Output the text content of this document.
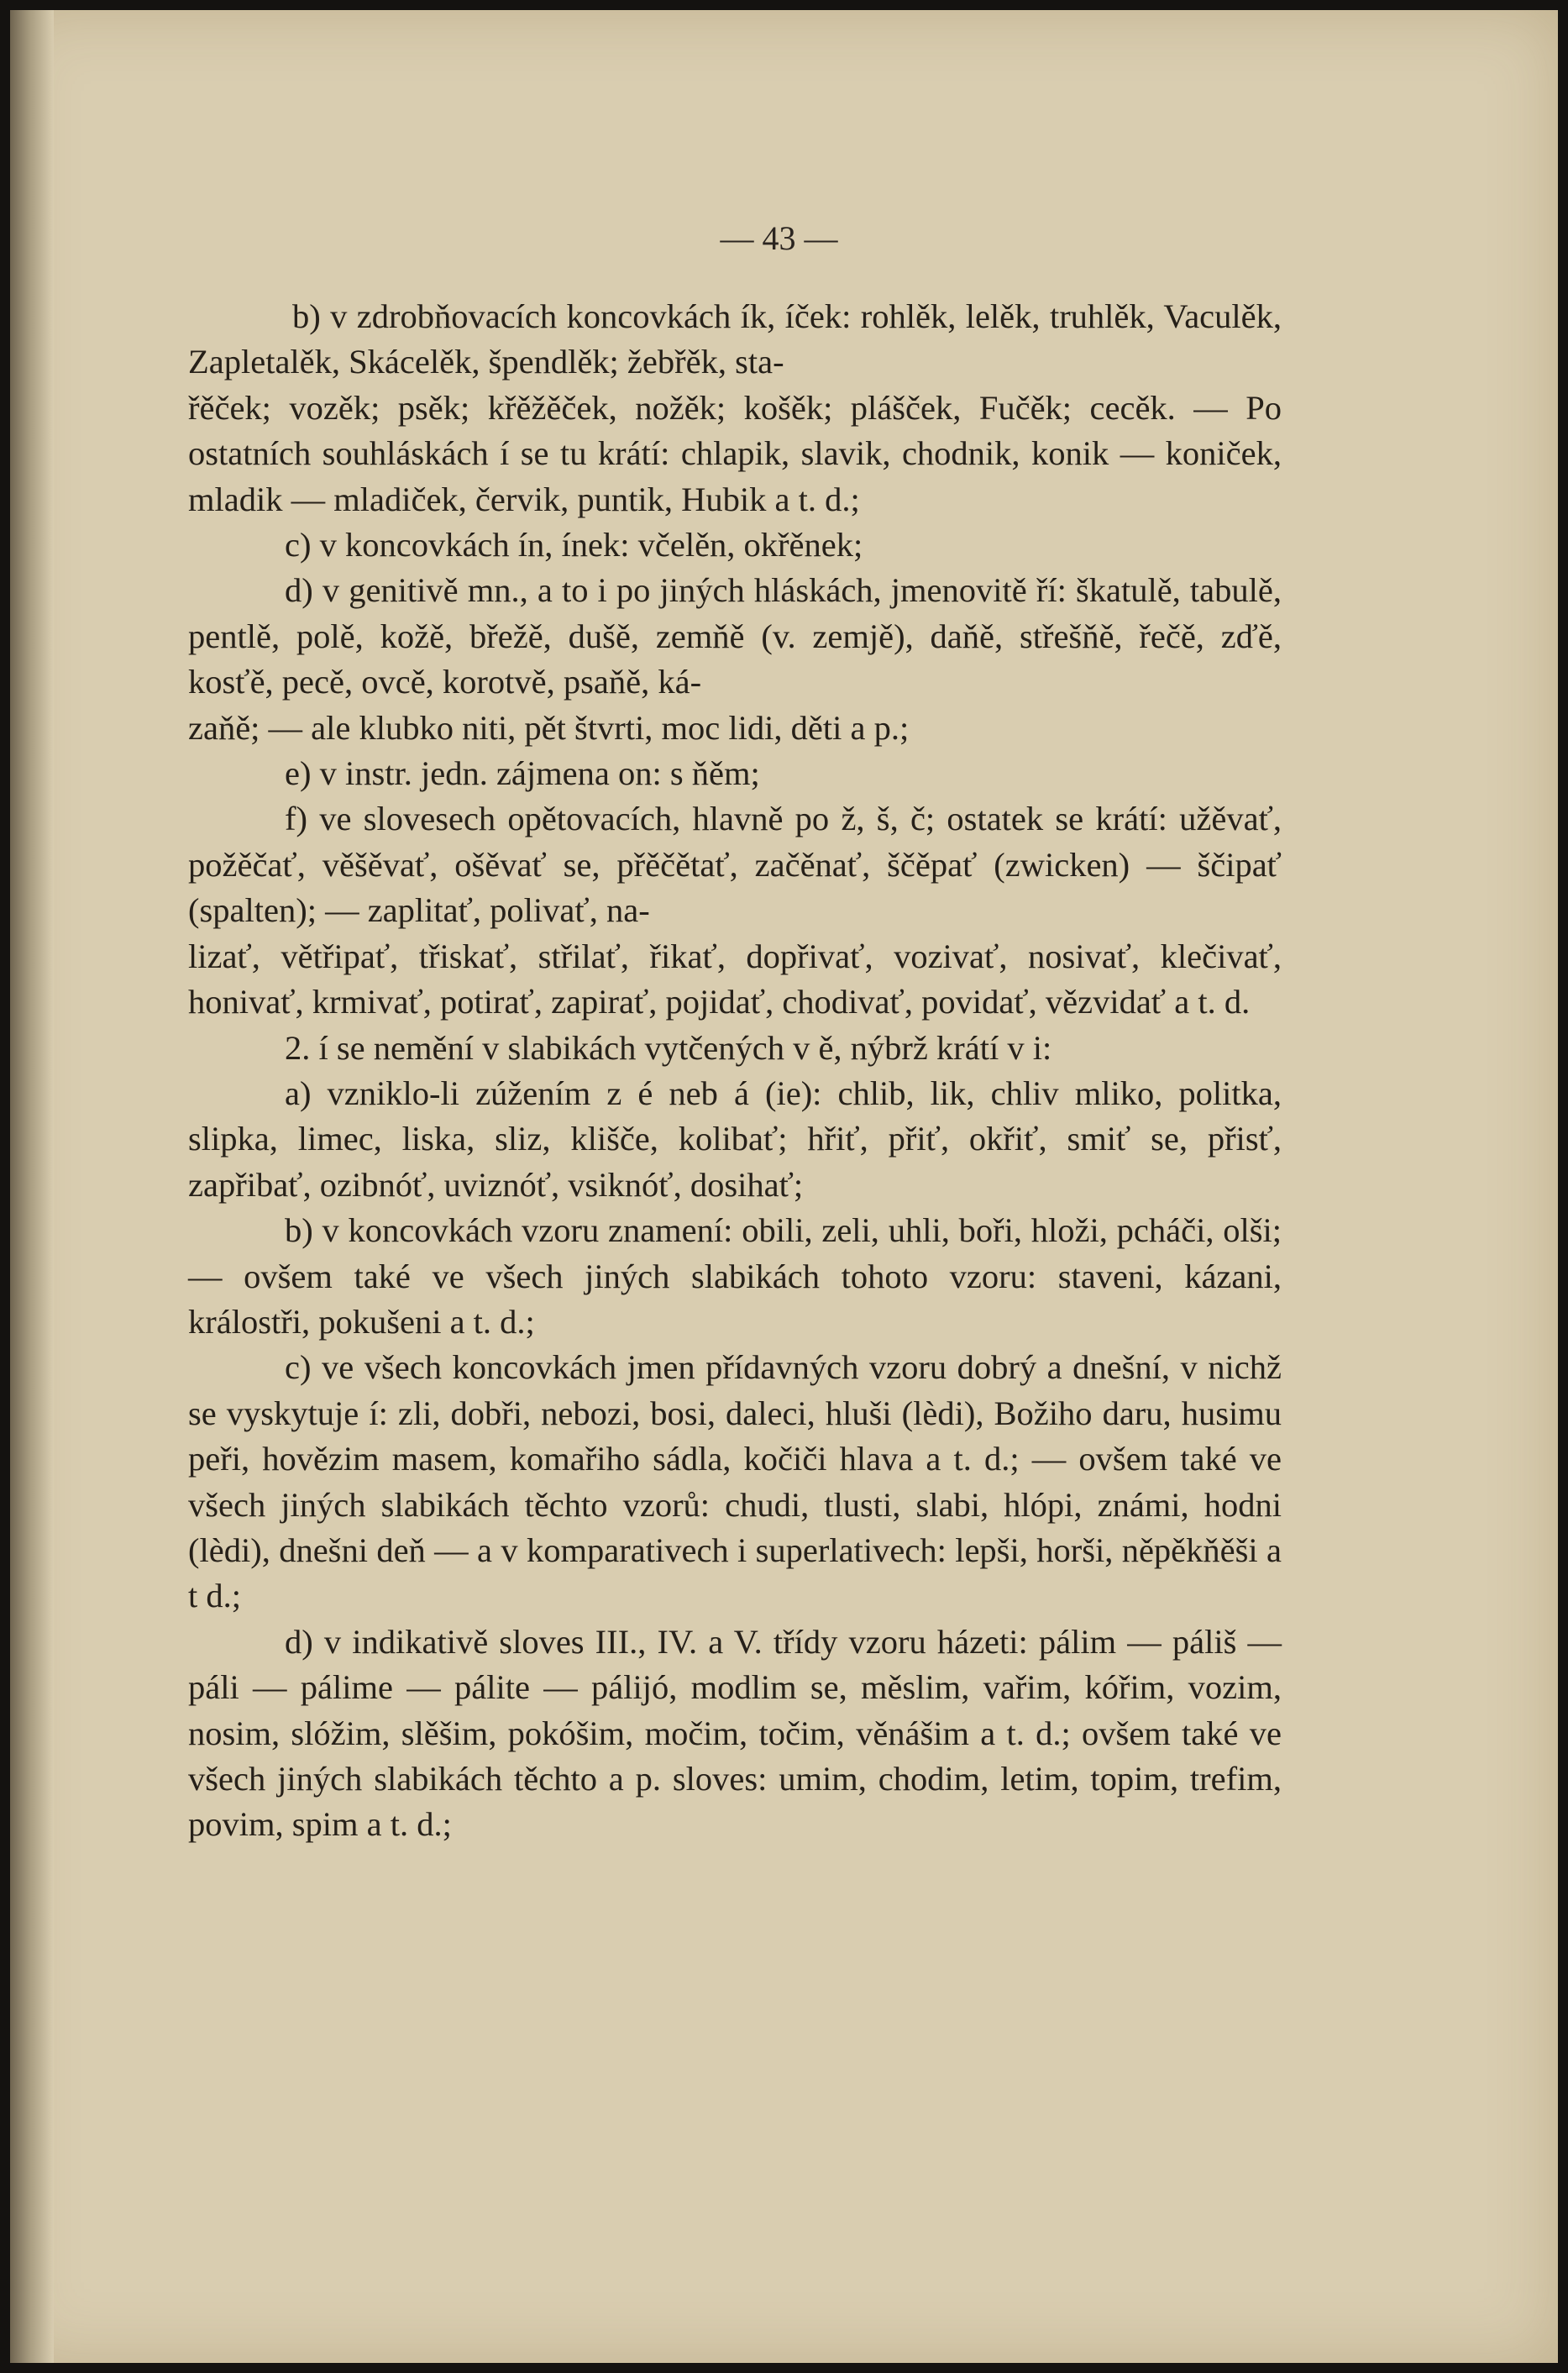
— 43 —

b) v zdrobňovacích koncovkách ík, íček: rohlěk, lelěk, truhlěk, Vaculěk, Zapletalěk, Skácelěk, špendlěk; žebřěk, sta-
řěček; vozěk; psěk; křěžěček, nožěk; košěk; plášček, Fučěk; cecěk. — Po ostatních souhláskách í se tu krátí: chlapik, slavik, chodnik, konik — koniček, mladik — mladiček, červik, puntik, Hubik a t. d.;

c) v koncovkách ín, ínek: včelěn, okřěnek;

d) v genitivě mn., a to i po jiných hláskách, jmenovitě ří: škatulě, tabulě, pentlě, polě, kožě, břežě, dušě, zemňě (v. zemjě), daňě, střešňě, řečě, zďě, kosťě, pecě, ovcě, korotvě, psaňě, ká-
zaňě; — ale klubko niti, pět štvrti, moc lidi, děti a p.;

e) v instr. jedn. zájmena on: s ňěm;

f) ve slovesech opětovacích, hlavně po ž, š, č; ostatek se krátí: užěvať, požěčať, věšěvať, ošěvať se, přěčětať, začěnať, ščěpať (zwicken) — ščipať (spalten); — zaplitať, polivať, na-
lizať, větřipať, třiskať, střilať, řikať, dopřivať, vozivať, nosivať, klečivať, honivať, krmivať, potirať, zapirať, pojidať, chodivať, povidať, vězvidať a t. d.

2. í se nemění v slabikách vytčených v ě, nýbrž krátí v i:

a) vzniklo-li zúžením z é neb á (ie): chlib, lik, chliv mliko, politka, slipka, limec, liska, sliz, klišče, kolibať; hřiť, přiť, okřiť, smiť se, přisť, zapřibať, ozibnóť, uviznóť, vsiknóť, dosihať;

b) v koncovkách vzoru znamení: obili, zeli, uhli, boři, hloži, pcháči, olši; — ovšem také ve všech jiných slabikách tohoto vzoru: staveni, kázani, králostři, pokušeni a t. d.;

c) ve všech koncovkách jmen přídavných vzoru dobrý a dnešní, v nichž se vyskytuje í: zli, dobři, nebozi, bosi, dalеci, hluši (lèdi), Božiho daru, husimu peři, hovězim masem, komařiho sádla, kočiči hlava a t. d.; — ovšem také ve všech jiných slabikách těchto vzorů: chudi, tlusti, slabi, hlópi, známi, hodni (lèdi), dnešni deň — a v komparativech i superlativech: lepši, horši, něpěkňěši a t d.;

d) v indikativě sloves III., IV. a V. třídy vzoru házeti: pálim — páliš — páli — pálime — pálite — pálijó, modlim se, měslim, vařim, kóřim, vozim, nosim, slóžim, slěšim, pokóšim, močim, točim, věnášim a t. d.; ovšem také ve všech jiných slabikách těchto a p. sloves: umim, chodim, letim, topim, trefim, povim, spim a t. d.;
